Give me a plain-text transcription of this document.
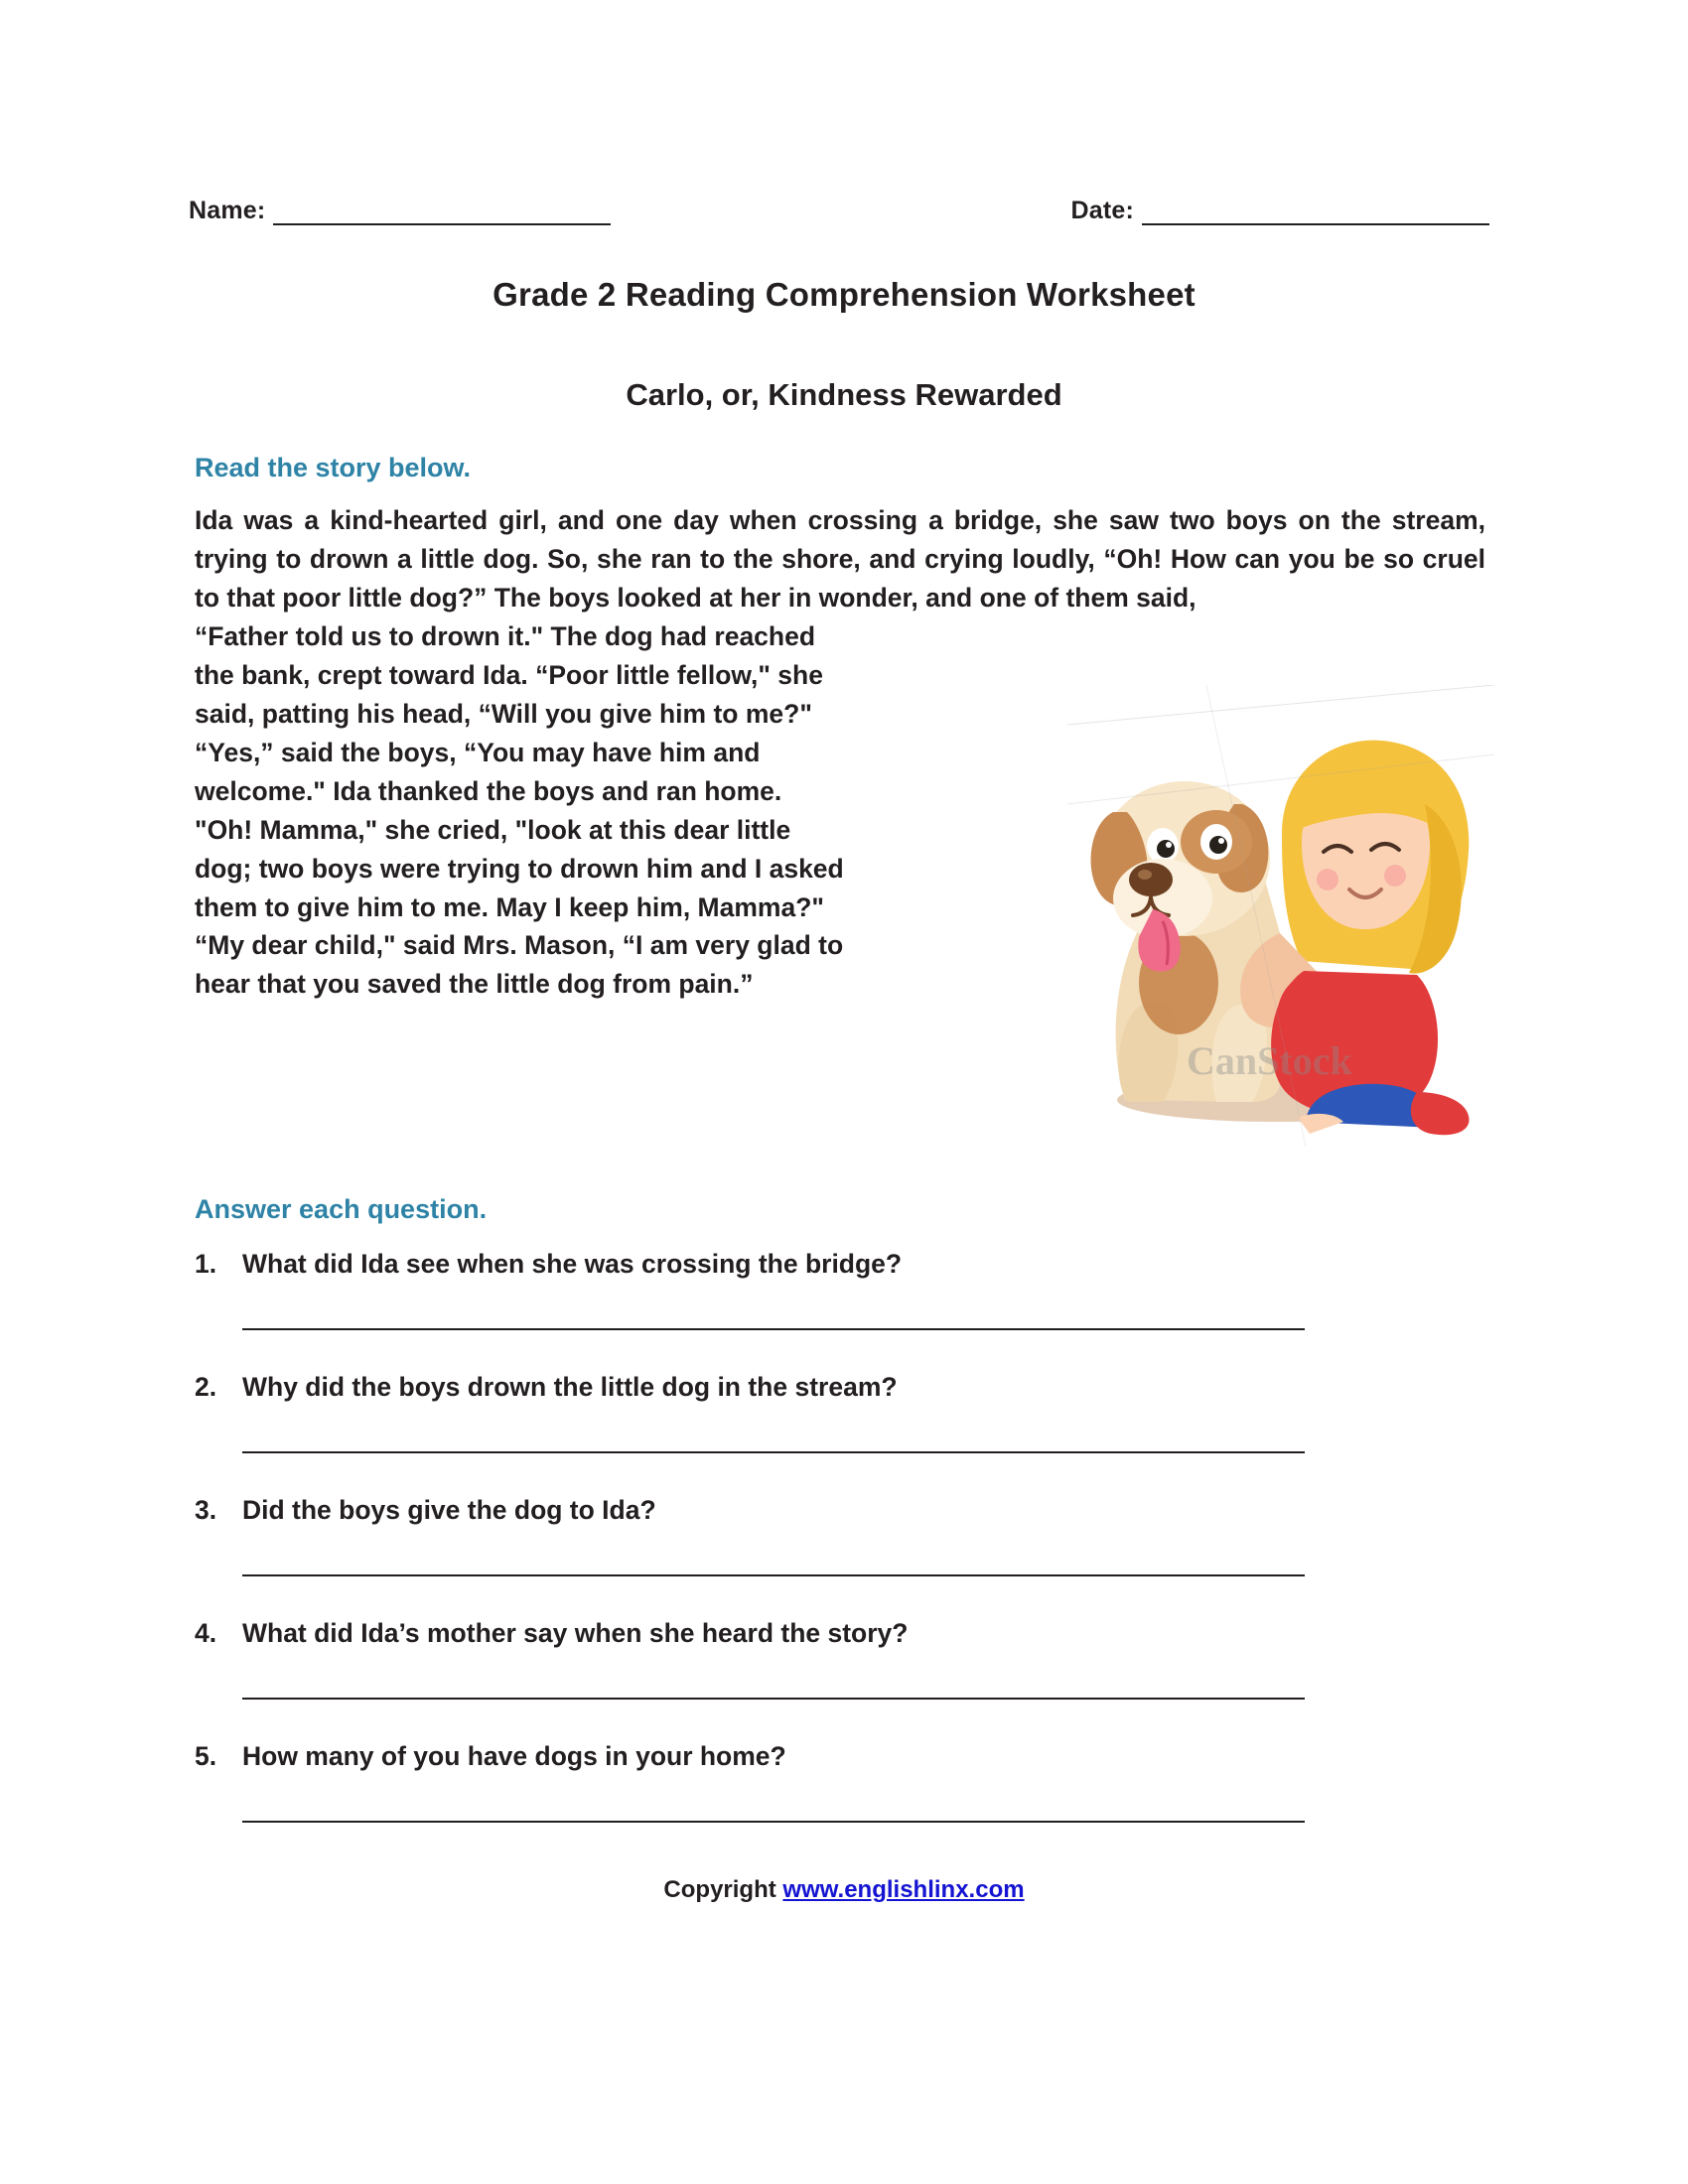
Name:	Date:
Grade 2 Reading Comprehension Worksheet
Carlo, or, Kindness Rewarded
Read the story below.

Ida was a kind-hearted girl, and one day when crossing a bridge, she saw two boys on the stream, trying to drown a little dog. So, she ran to the shore, and crying loudly, “Oh! How can you be so cruel to that poor little dog?” The boys looked at her in wonder, and one of them said,

“Father told us to drown it." The dog had reached

the bank, crept toward Ida. “Poor little fellow," she

said, patting his head, “Will you give him to me?"

“Yes,” said the boys, “You may have him and

welcome." Ida thanked the boys and ran home.

"Oh! Mamma," she cried, "look at this dear little

dog; two boys were trying to drown him and I asked

them to give him to me. May I keep him, Mamma?"

“My dear child," said Mrs. Mason, “I am very glad to

hear that you saved the little dog from pain.”

CanStock
Answer each question.
1. What did Ida see when she was crossing the bridge?
2. Why did the boys drown the little dog in the stream?
3. Did the boys give the dog to Ida?
4. What did Ida’s mother say when she heard the story?
5. How many of you have dogs in your home?
Copyright www.englishlinx.com
